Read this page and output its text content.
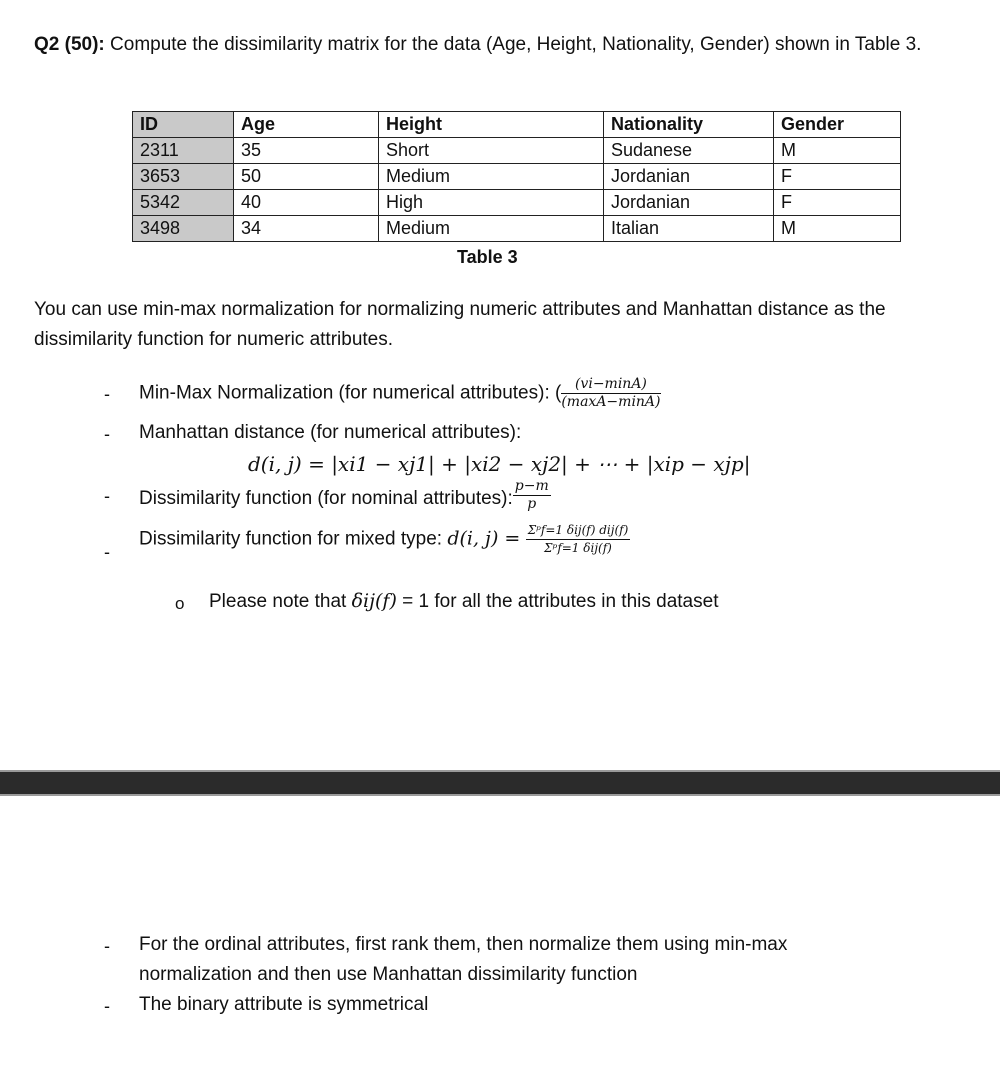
Q2 (50): Compute the dissimilarity matrix for the data (Age, Height, Nationality, Gender) shown in Table 3.
ID	Age	Height	Nationality	Gender
2311	35	Short	Sudanese	M
3653	50	Medium	Jordanian	F
5342	40	High	Jordanian	F
3498	34	Medium	Italian	M
Table 3
You can use min-max normalization for normalizing numeric attributes and Manhattan distance as the dissimilarity function for numeric attributes.
- Min-Max Normalization (for numerical attributes): ( $\frac{(vi-\min A)}{(\max A-\min A)}$
- Manhattan distance (for numerical attributes):
d(i, j) = |xi1 − xj1| + |xi2 − xj2| + ⋯ + |xip − xjp|
- Dissimilarity function (for nominal attributes): $\frac{p-m}{p}$
-
Dissimilarity function for mixed type: d(i, $j) = \frac{\text{Σᵖf=1 δij(f) dij(f)}}{\text{Σᵖf=1 δij(f)}}$
o Please note that δij(f) = 1 for all the attributes in this dataset
- For the ordinal attributes, first rank them, then normalize them using min-max normalization and then use Manhattan dissimilarity function
- The binary attribute is symmetrical
